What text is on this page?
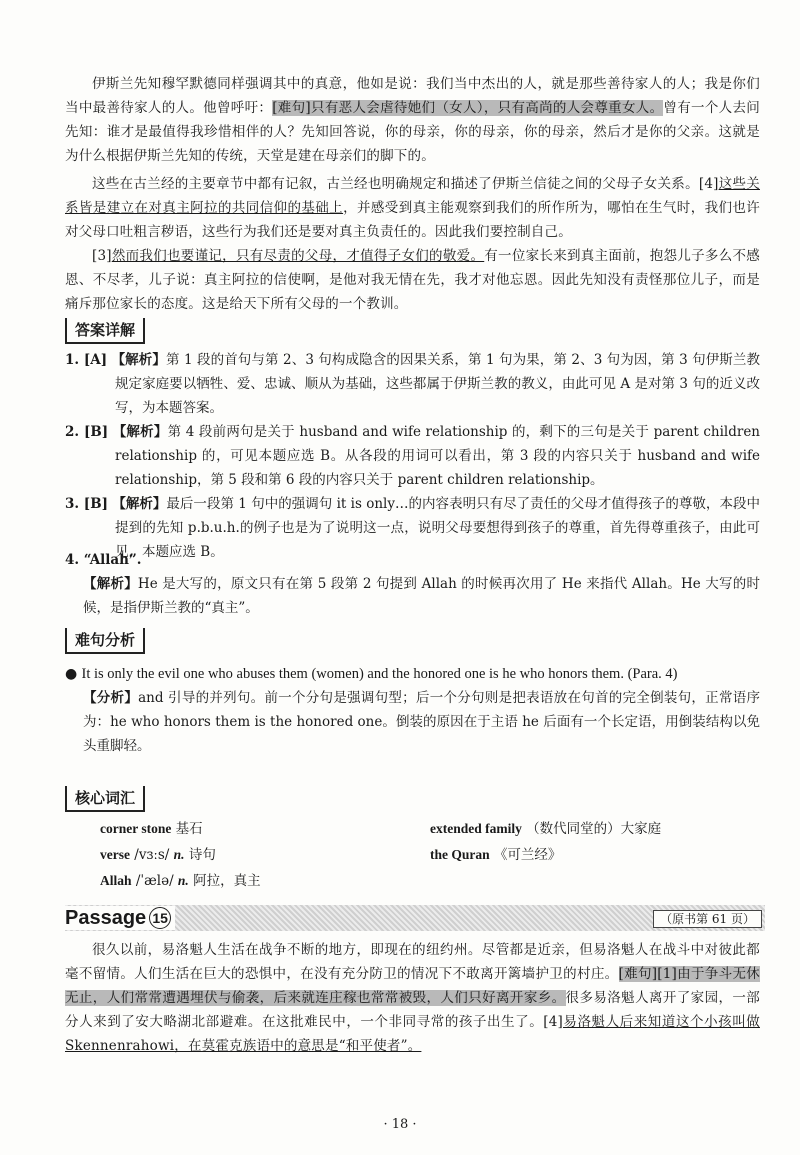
伊斯兰先知穆罕默德同样强调其中的真意，他如是说：我们当中杰出的人，就是那些善待家人的人；我是你们当中最善待家人的人。他曾呼吁：[难句]只有恶人会虐待她们（女人），只有高尚的人会尊重女人。曾有一个人去问先知：谁才是最值得我珍惜相伴的人？先知回答说，你的母亲，你的母亲，你的母亲，然后才是你的父亲。这就是为什么根据伊斯兰先知的传统，天堂是建在母亲们的脚下的。
这些在古兰经的主要章节中都有记叙，古兰经也明确规定和描述了伊斯兰信徒之间的父母子女关系。[4]这些关系皆是建立在对真主阿拉的共同信仰的基础上，并感受到真主能观察到我们的所作所为，哪怕在生气时，我们也许对父母口吐粗言秽语，这些行为我们还是要对真主负责任的。因此我们要控制自己。
[3]然而我们也要谨记，只有尽责的父母，才值得子女们的敬爱。有一位家长来到真主面前，抱怨儿子多么不感恩、不尽孝，儿子说：真主阿拉的信使啊，是他对我无情在先，我才对他忘恩。因此先知没有责怪那位儿子，而是痛斥那位家长的态度。这是给天下所有父母的一个教训。
答案详解
1. [A] 【解析】第 1 段的首句与第 2、3 句构成隐含的因果关系，第 1 句为果，第 2、3 句为因，第 3 句伊斯兰教规定家庭要以牺牲、爱、忠诚、顺从为基础，这些都属于伊斯兰教的教义，由此可见 A 是对第 3 句的近义改写，为本题答案。
2. [B] 【解析】第 4 段前两句是关于 husband and wife relationship 的，剩下的三句是关于 parent children relationship 的，可见本题应选 B。从各段的用词可以看出，第 3 段的内容只关于 husband and wife relationship，第 5 段和第 6 段的内容只关于 parent children relationship。
3. [B] 【解析】最后一段第 1 句中的强调句 it is only…的内容表明只有尽了责任的父母才值得孩子的尊敬，本段中提到的先知 p.b.u.h.的例子也是为了说明这一点，说明父母要想得到孩子的尊重，首先得尊重孩子，由此可见，本题应选 B。
4. “Allah”.
【解析】He 是大写的，原文只有在第 5 段第 2 句提到 Allah 的时候再次用了 He 来指代 Allah。He 大写的时候，是指伊斯兰教的“真主”。
难句分析
● It is only the evil one who abuses them (women) and the honored one is he who honors them. (Para. 4)
【分析】and 引导的并列句。前一个分句是强调句型；后一个分句则是把表语放在句首的完全倒装句，正常语序为：he who honors them is the honored one。倒装的原因在于主语 he 后面有一个长定语，用倒装结构以免头重脚轻。
核心词汇
corner stone 基石
verse /vɜːs/ n. 诗句
Allah /ˈælə/ n. 阿拉，真主
extended family （数代同堂的）大家庭
the Quran 《可兰经》
Passage 15	（原书第 61 页）
很久以前，易洛魁人生活在战争不断的地方，即现在的纽约州。尽管都是近亲，但易洛魁人在战斗中对彼此都毫不留情。人们生活在巨大的恐惧中，在没有充分防卫的情况下不敢离开篱墙护卫的村庄。[难句][1]由于争斗无休无止，人们常常遭遇埋伏与偷袭，后来就连庄稼也常常被毁，人们只好离开家乡。很多易洛魁人离开了家园，一部分人来到了安大略湖北部避难。在这批难民中，一个非同寻常的孩子出生了。[4]易洛魁人后来知道这个小孩叫做 Skennenrahowi，在莫霍克族语中的意思是“和平使者”。
· 18 ·
